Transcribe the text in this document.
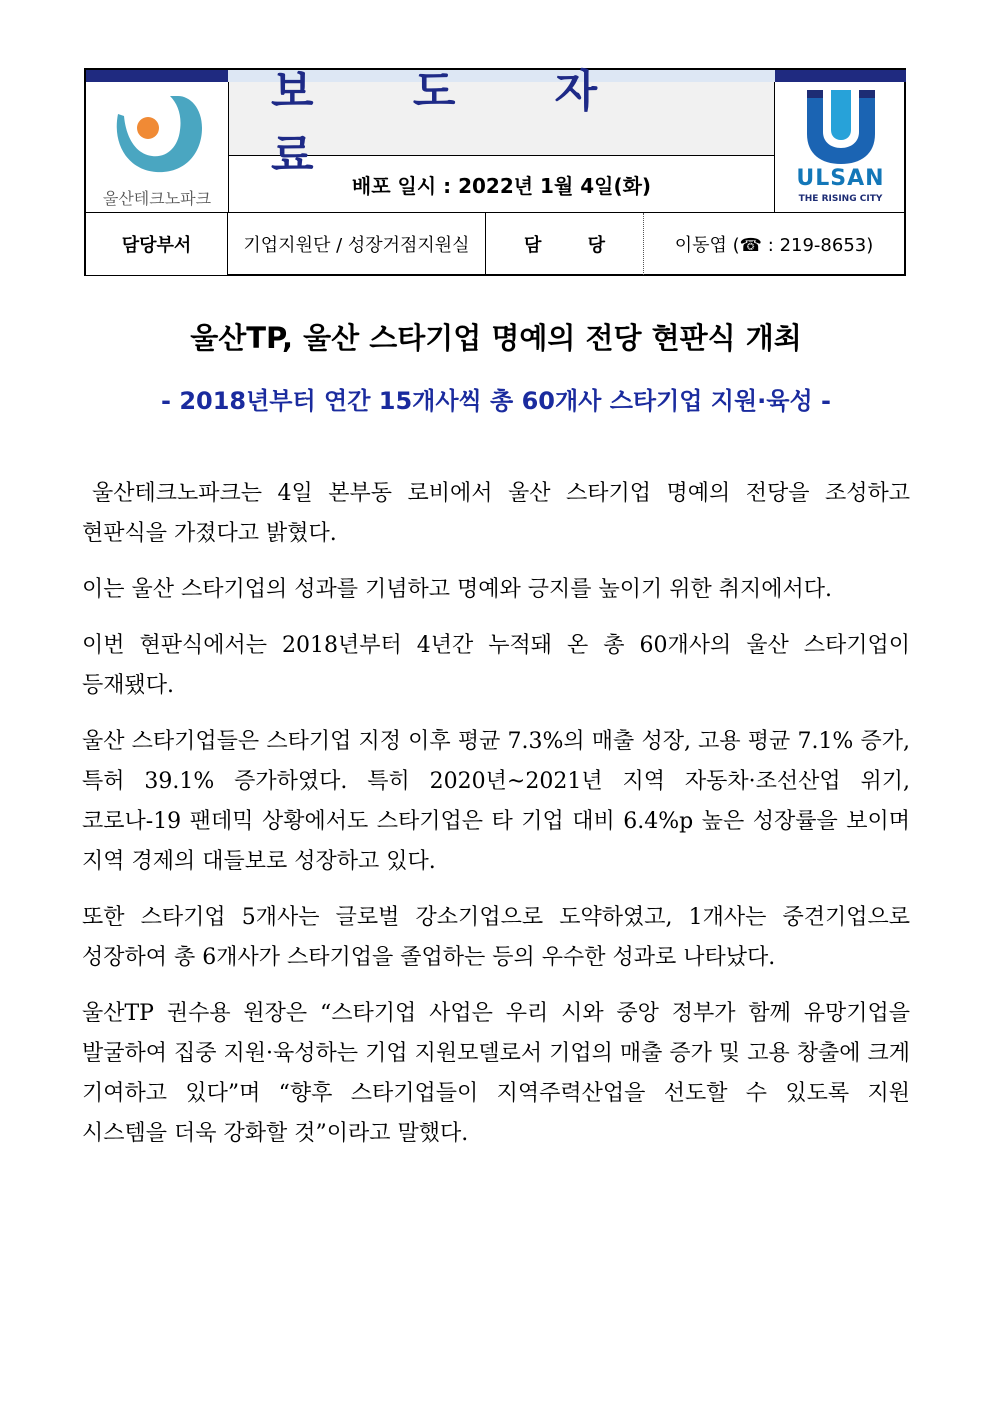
울산테크노파크
보 도 자 료
배포 일시 : 2022년 1월 4일(화)	ULSAN
THE RISING CITY
담당부서	기업지원단 / 성장거점지원실	담 당	이동엽 (☎ : 219-8653)
울산TP, 울산 스타기업 명예의 전당 현판식 개최
- 2018년부터 연간 15개사씩 총 60개사 스타기업 지원·육성 -

울산테크노파크는 4일 본부동 로비에서 울산 스타기업 명예의 전당을 조성하고 현판식을 가졌다고 밝혔다.

이는 울산 스타기업의 성과를 기념하고 명예와 긍지를 높이기 위한 취지에서다.

이번 현판식에서는 2018년부터 4년간 누적돼 온 총 60개사의 울산 스타기업이 등재됐다.

울산 스타기업들은 스타기업 지정 이후 평균 7.3%의 매출 성장, 고용 평균 7.1% 증가, 특허 39.1% 증가하였다. 특히 2020년~2021년 지역 자동차·조선산업 위기, 코로나-19 팬데믹 상황에서도 스타기업은 타 기업 대비 6.4%p 높은 성장률을 보이며 지역 경제의 대들보로 성장하고 있다.

또한 스타기업 5개사는 글로벌 강소기업으로 도약하였고, 1개사는 중견기업으로 성장하여 총 6개사가 스타기업을 졸업하는 등의 우수한 성과로 나타났다.

울산TP 권수용 원장은 “스타기업 사업은 우리 시와 중앙 정부가 함께 유망기업을 발굴하여 집중 지원·육성하는 기업 지원모델로서 기업의 매출 증가 및 고용 창출에 크게 기여하고 있다”며 “향후 스타기업들이 지역주력산업을 선도할 수 있도록 지원 시스템을 더욱 강화할 것”이라고 말했다.
